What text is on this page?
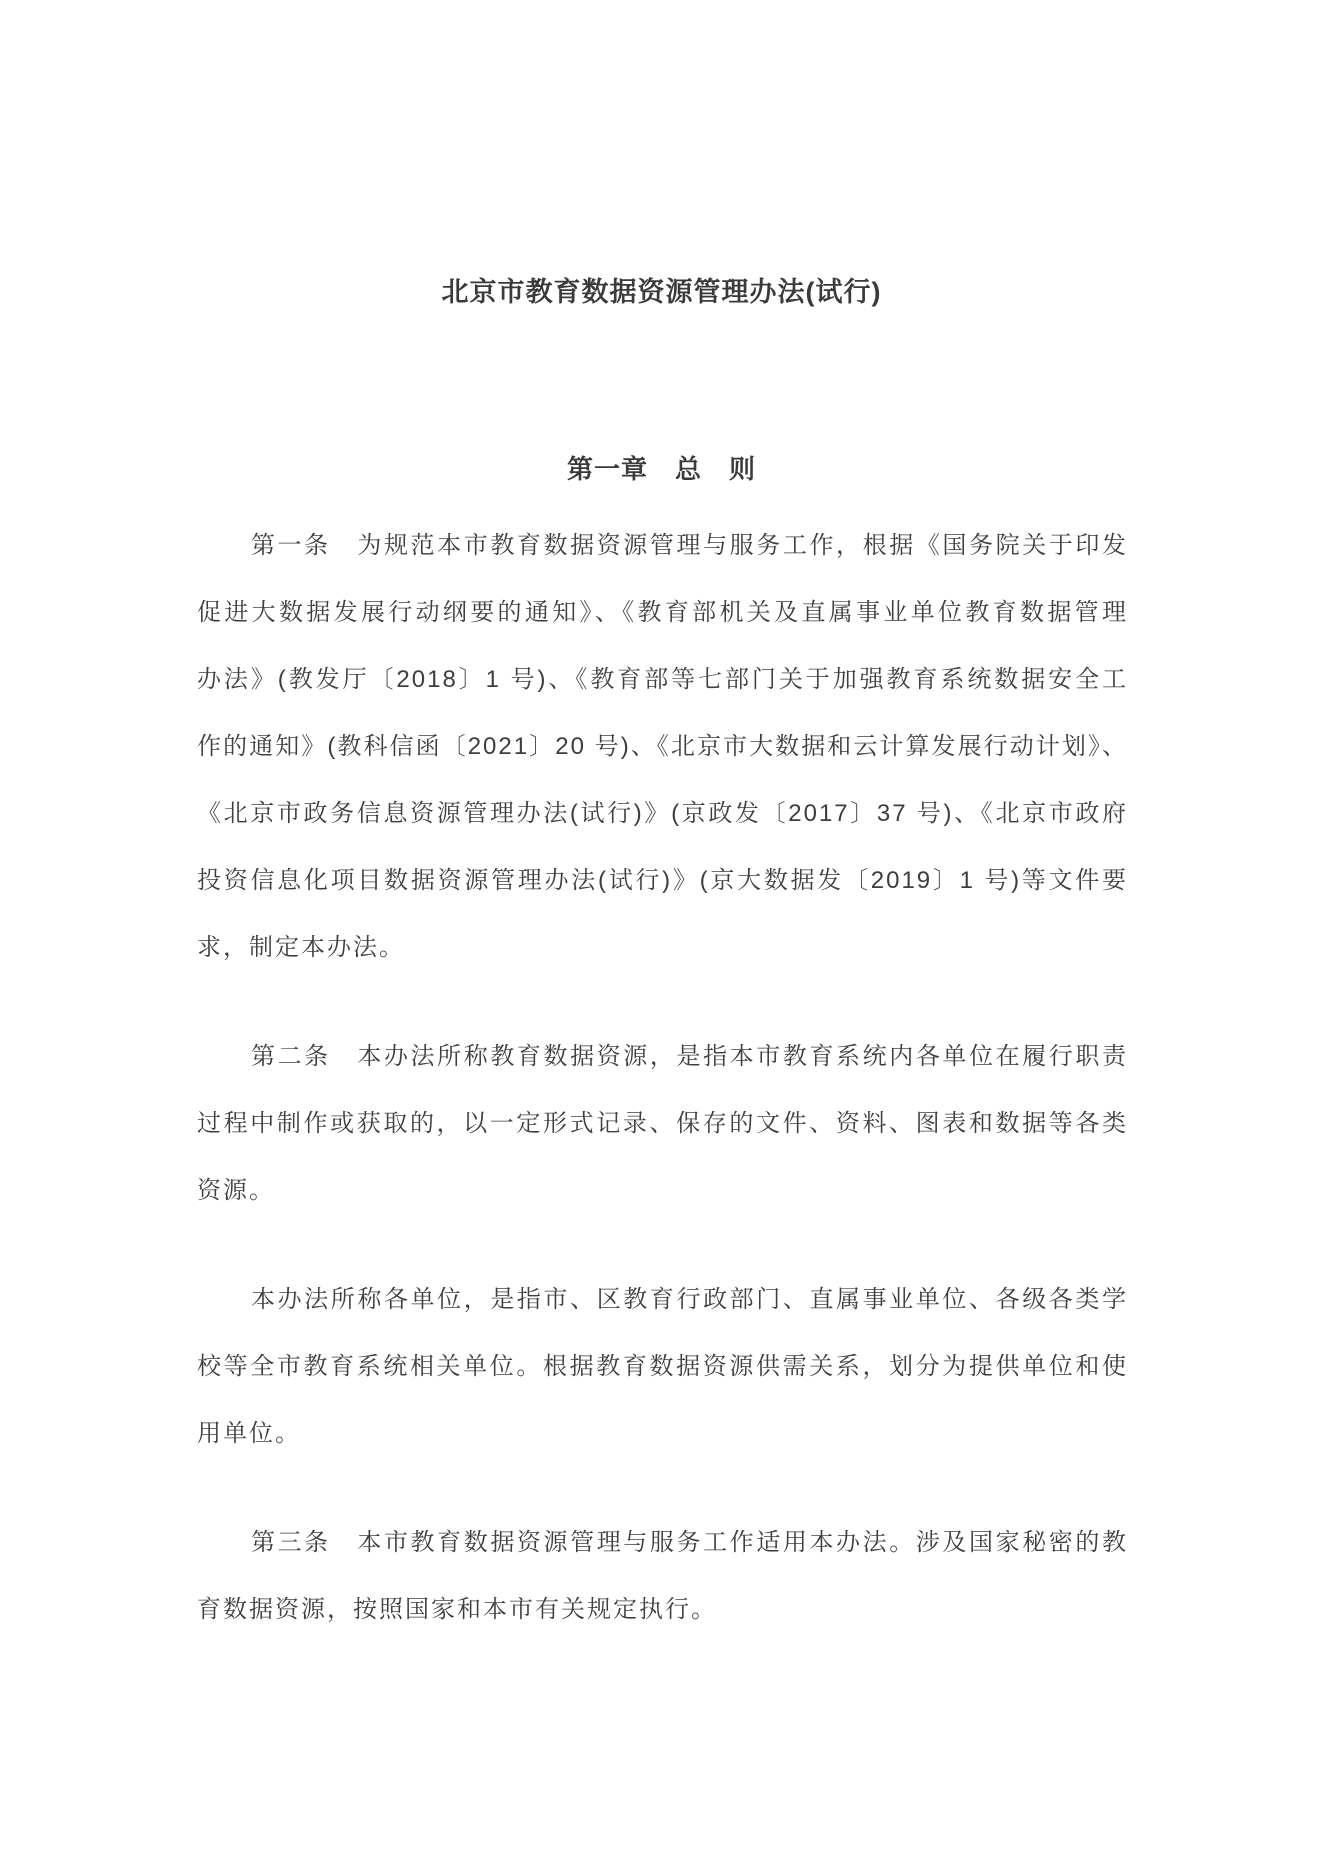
北京市教育数据资源管理办法(试行)
第一章　总　则
第一条　为规范本市教育数据资源管理与服务工作，根据《国务院关于印发
促进大数据发展行动纲要的通知》、《教育部机关及直属事业单位教育数据管理
办法》(教发厅〔2018〕1 号)、《教育部等七部门关于加强教育系统数据安全工
作的通知》(教科信函〔2021〕20 号)、《北京市大数据和云计算发展行动计划》、
《北京市政务信息资源管理办法(试行)》(京政发〔2017〕37 号)、《北京市政府
投资信息化项目数据资源管理办法(试行)》(京大数据发〔2019〕1 号)等文件要
求，制定本办法。
第二条　本办法所称教育数据资源，是指本市教育系统内各单位在履行职责
过程中制作或获取的，以一定形式记录、保存的文件、资料、图表和数据等各类
资源。
本办法所称各单位，是指市、区教育行政部门、直属事业单位、各级各类学
校等全市教育系统相关单位。根据教育数据资源供需关系，划分为提供单位和使
用单位。
第三条　本市教育数据资源管理与服务工作适用本办法。涉及国家秘密的教
育数据资源，按照国家和本市有关规定执行。
